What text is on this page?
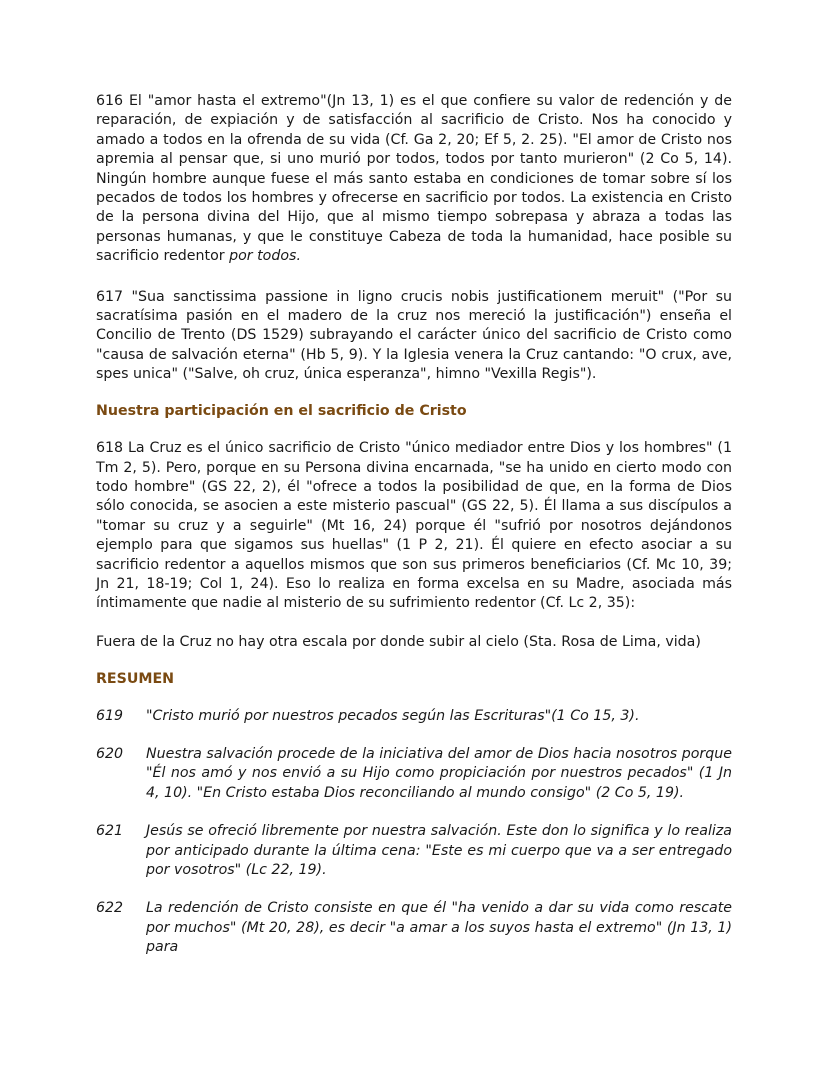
616 El "amor hasta el extremo"(Jn 13, 1) es el que confiere su valor de redención y de reparación, de expiación y de satisfacción al sacrificio de Cristo. Nos ha conocido y amado a todos en la ofrenda de su vida (Cf. Ga 2, 20; Ef 5, 2. 25). "El amor de Cristo nos apremia al pensar que, si uno murió por todos, todos por tanto murieron" (2 Co 5, 14). Ningún hombre aunque fuese el más santo estaba en condiciones de tomar sobre sí los pecados de todos los hombres y ofrecerse en sacrificio por todos. La existencia en Cristo de la persona divina del Hijo, que al mismo tiempo sobrepasa y abraza a todas las personas humanas, y que le constituye Cabeza de toda la humanidad, hace posible su sacrificio redentor por todos.

617 "Sua sanctissima passione in ligno crucis nobis justificationem meruit" ("Por su sacratísima pasión en el madero de la cruz nos mereció la justificación") enseña el Concilio de Trento (DS 1529) subrayando el carácter único del sacrificio de Cristo como "causa de salvación eterna" (Hb 5, 9). Y la Iglesia venera la Cruz cantando: "O crux, ave, spes unica" ("Salve, oh cruz, única esperanza", himno "Vexilla Regis").

Nuestra participación en el sacrificio de Cristo

618 La Cruz es el único sacrificio de Cristo "único mediador entre Dios y los hombres" (1 Tm 2, 5). Pero, porque en su Persona divina encarnada, "se ha unido en cierto modo con todo hombre" (GS 22, 2), él "ofrece a todos la posibilidad de que, en la forma de Dios sólo conocida, se asocien a este misterio pascual" (GS 22, 5). Él llama a sus discípulos a "tomar su cruz y a seguirle" (Mt 16, 24) porque él "sufrió por nosotros dejándonos ejemplo para que sigamos sus huellas" (1 P 2, 21). Él quiere en efecto asociar a su sacrificio redentor a aquellos mismos que son sus primeros beneficiarios (Cf. Mc 10, 39; Jn 21, 18-19; Col 1, 24). Eso lo realiza en forma excelsa en su Madre, asociada más íntimamente que nadie al misterio de su sufrimiento redentor (Cf. Lc 2, 35):

Fuera de la Cruz no hay otra escala por donde subir al cielo (Sta. Rosa de Lima, vida)

RESUMEN

619	"Cristo murió por nuestros pecados según las Escrituras"(1 Co 15, 3).
620	Nuestra salvación procede de la iniciativa del amor de Dios hacia nosotros porque "Él nos amó y nos envió a su Hijo como propiciación por nuestros pecados" (1 Jn 4, 10). "En Cristo estaba Dios reconciliando al mundo consigo" (2 Co 5, 19).
621	Jesús se ofreció libremente por nuestra salvación. Este don lo significa y lo realiza por anticipado durante la última cena: "Este es mi cuerpo que va a ser entregado por vosotros" (Lc 22, 19).
622	La redención de Cristo consiste en que él "ha venido a dar su vida como rescate por muchos" (Mt 20, 28), es decir "a amar a los suyos hasta el extremo" (Jn 13, 1) para
